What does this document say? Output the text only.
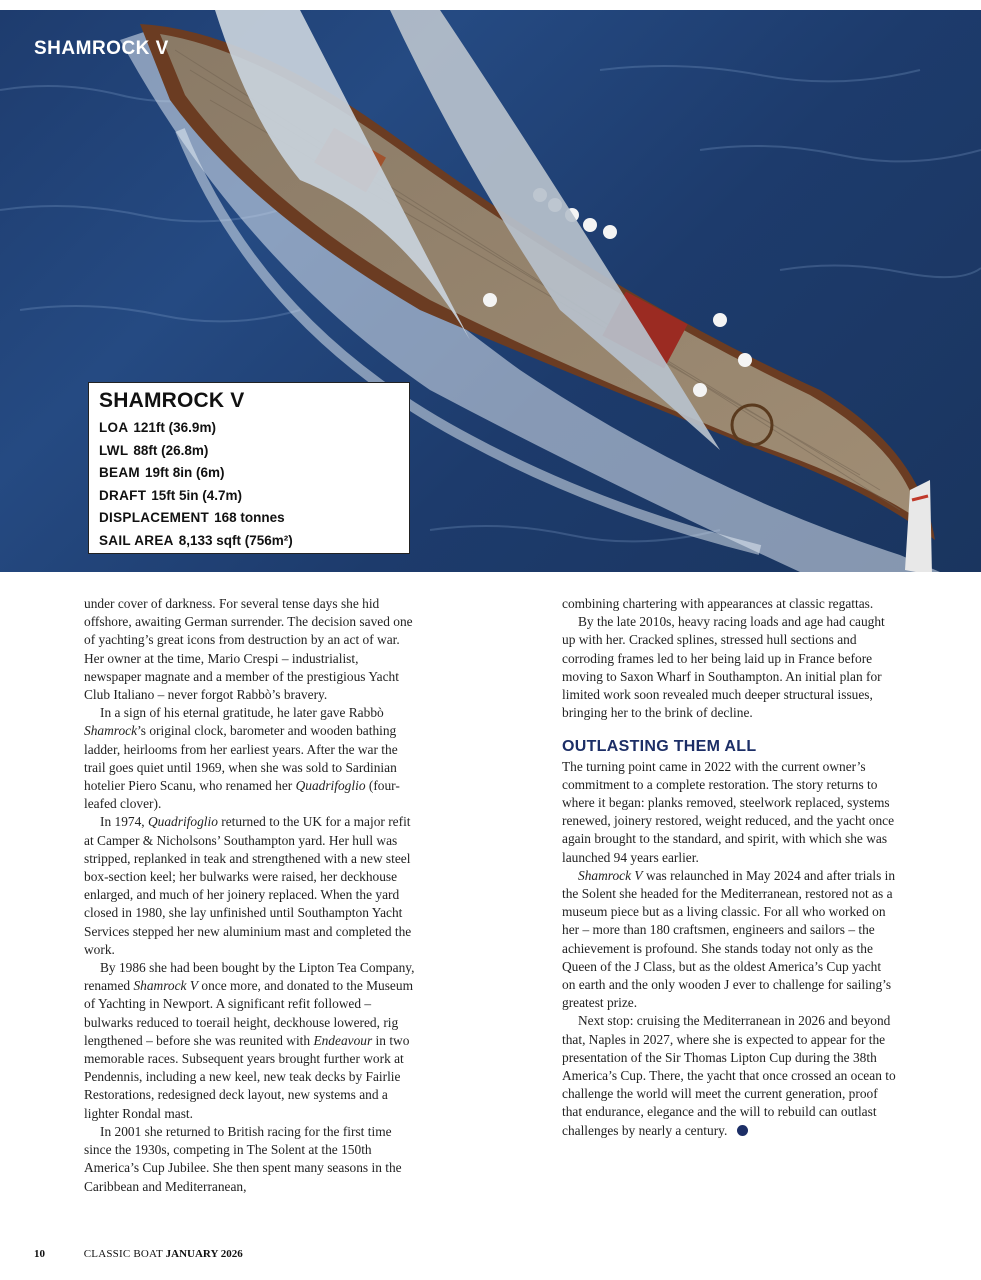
SHAMROCK V
SHAMROCK V
LOA 121ft (36.9m)
LWL 88ft (26.8m)
BEAM 19ft 8in (6m)
DRAFT 15ft 5in (4.7m)
DISPLACEMENT 168 tonnes
SAIL AREA 8,133 sqft (756m²)

under cover of darkness. For several tense days she hid offshore, awaiting German surrender. The decision saved one of yachting’s great icons from destruction by an act of war. Her owner at the time, Mario Crespi – industrialist, newspaper magnate and a member of the prestigious Yacht Club Italiano – never forgot Rabbò’s bravery.

In a sign of his eternal gratitude, he later gave Rabbò Shamrock’s original clock, barometer and wooden bathing ladder, heirlooms from her earliest years. After the war the trail goes quiet until 1969, when she was sold to Sardinian hotelier Piero Scanu, who renamed her Quadrifoglio (four-leafed clover).

In 1974, Quadrifoglio returned to the UK for a major refit at Camper & Nicholsons’ Southampton yard. Her hull was stripped, replanked in teak and strengthened with a new steel box-section keel; her bulwarks were raised, her deckhouse enlarged, and much of her joinery replaced. When the yard closed in 1980, she lay unfinished until Southampton Yacht Services stepped her new aluminium mast and completed the work.

By 1986 she had been bought by the Lipton Tea Company, renamed Shamrock V once more, and donated to the Museum of Yachting in Newport. A significant refit followed – bulwarks reduced to toerail height, deckhouse lowered, rig lengthened – before she was reunited with Endeavour in two memorable races. Subsequent years brought further work at Pendennis, including a new keel, new teak decks by Fairlie Restorations, redesigned deck layout, new systems and a lighter Rondal mast.

In 2001 she returned to British racing for the first time since the 1930s, competing in The Solent at the 150th America’s Cup Jubilee. She then spent many seasons in the Caribbean and Mediterranean,

combining chartering with appearances at classic regattas.

By the late 2010s, heavy racing loads and age had caught up with her. Cracked splines, stressed hull sections and corroding frames led to her being laid up in France before moving to Saxon Wharf in Southampton. An initial plan for limited work soon revealed much deeper structural issues, bringing her to the brink of decline.

OUTLASTING THEM ALL

The turning point came in 2022 with the current owner’s commitment to a complete restoration. The story returns to where it began: planks removed, steelwork replaced, systems renewed, joinery restored, weight reduced, and the yacht once again brought to the standard, and spirit, with which she was launched 94 years earlier.

Shamrock V was relaunched in May 2024 and after trials in the Solent she headed for the Mediterranean, restored not as a museum piece but as a living classic. For all who worked on her – more than 180 craftsmen, engineers and sailors – the achievement is profound. She stands today not only as the Queen of the J Class, but as the oldest America’s Cup yacht on earth and the only wooden J ever to challenge for sailing’s greatest prize.

Next stop: cruising the Mediterranean in 2026 and beyond that, Naples in 2027, where she is expected to appear for the presentation of the Sir Thomas Lipton Cup during the 38th America’s Cup. There, the yacht that once crossed an ocean to challenge the world will meet the current generation, proof that endurance, elegance and the will to rebuild can outlast challenges by nearly a century.

10	CLASSIC BOAT JANUARY 2026
